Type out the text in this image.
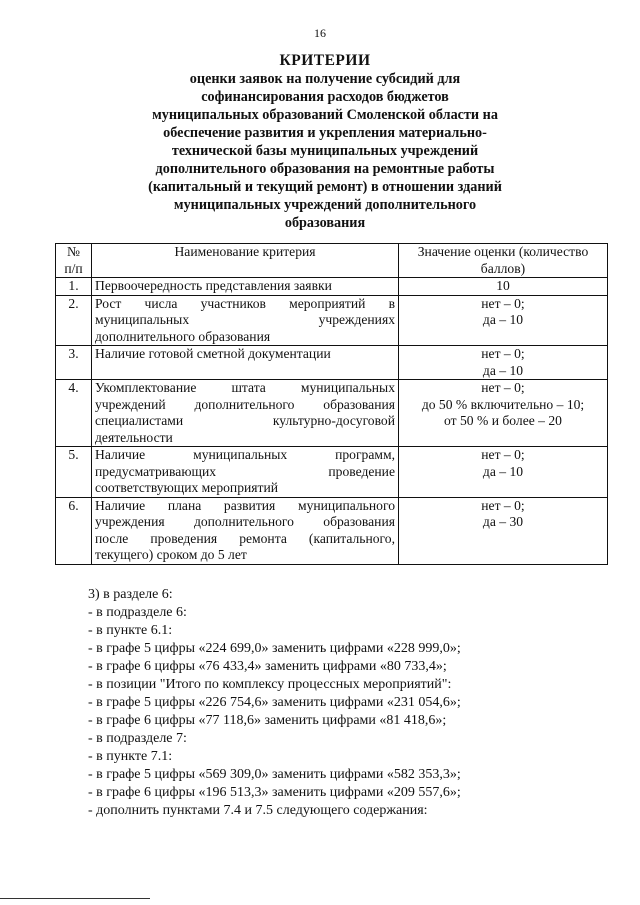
16
КРИТЕРИИ
оценки заявок на получение субсидий для
софинансирования расходов бюджетов
муниципальных образований Смоленской области на
обеспечение развития и укрепления материально-
технической базы муниципальных учреждений
дополнительного образования на ремонтные работы
(капитальный и текущий ремонт) в отношении зданий
муниципальных учреждений дополнительного
образования
№
п/п	Наименование критерия	Значение оценки (количество
баллов)

1.	Первоочередность представления заявки	10

2.	Рост числа участников мероприятий в
муниципальных учреждениях
дополнительного образования	нет – 0;
да – 10

3.	Наличие готовой сметной документации	нет – 0;
да – 10

4.	Укомплектование штата муниципальных
учреждений дополнительного образования
специалистами культурно-досуговой
деятельности	нет – 0;
до 50 % включительно – 10;
от 50 % и более – 20

5.	Наличие муниципальных программ,
предусматривающих проведение
соответствующих мероприятий	нет – 0;
да – 10

6.	Наличие плана развития муниципального
учреждения дополнительного образования
после проведения ремонта (капитального,
текущего) сроком до 5 лет	нет – 0;
да – 30
3) в разделе 6:
- в подразделе 6:
- в пункте 6.1:
- в графе 5 цифры «224 699,0» заменить цифрами «228 999,0»;
- в графе 6 цифры «76 433,4» заменить цифрами «80 733,4»;
- в позиции "Итого по комплексу процессных мероприятий":
- в графе 5 цифры «226 754,6» заменить цифрами «231 054,6»;
- в графе 6 цифры «77 118,6» заменить цифрами «81 418,6»;
- в подразделе 7:
- в пункте 7.1:
- в графе 5 цифры «569 309,0» заменить цифрами «582 353,3»;
- в графе 6 цифры «196 513,3» заменить цифрами «209 557,6»;
- дополнить пунктами 7.4 и 7.5 следующего содержания:
